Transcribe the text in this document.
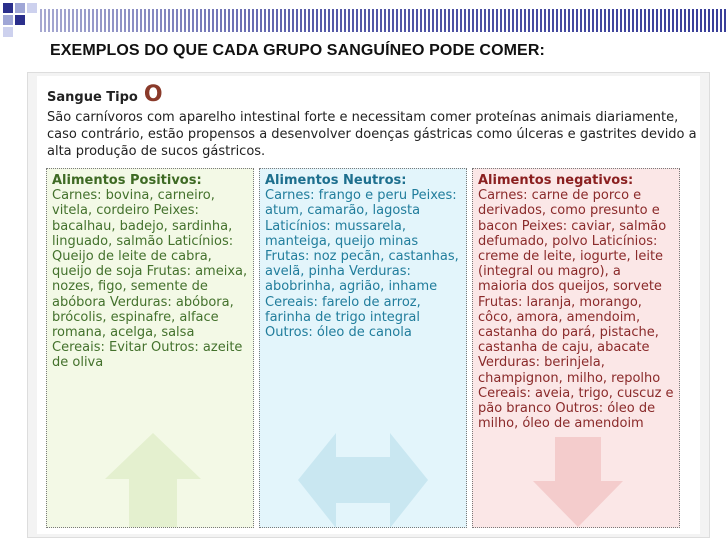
EXEMPLOS DO QUE CADA GRUPO SANGUÍNEO PODE COMER:
Sangue Tipo O
São carnívoros com aparelho intestinal forte e necessitam comer proteínas animais diariamente, caso contrário, estão propensos a desenvolver doenças gástricas como úlceras e gastrites devido a alta produção de sucos gástricos.
Alimentos Positivos:
Carnes: bovina, carneiro, vitela, cordeiro Peixes: bacalhau, badejo, sardinha, linguado, salmão Laticínios: Queijo de leite de cabra, queijo de soja Frutas: ameixa, nozes, figo, semente de abóbora Verduras: abóbora, brócolis, espinafre, alface romana, acelga, salsa Cereais: Evitar Outros: azeite de oliva
Alimentos Neutros:
Carnes: frango e peru Peixes: atum, camarão, lagosta Laticínios: mussarela, manteiga, queijo minas Frutas: noz pecãn, castanhas, avelã, pinha Verduras: abobrinha, agrião, inhame Cereais: farelo de arroz, farinha de trigo integral Outros: óleo de canola
Alimentos negativos:
Carnes: carne de porco e derivados, como presunto e bacon Peixes: caviar, salmão defumado, polvo Laticínios: creme de leite, iogurte, leite (integral ou magro), a maioria dos queijos, sorvete Frutas: laranja, morango, côco, amora, amendoim, castanha do pará, pistache, castanha de caju, abacate Verduras: berinjela, champignon, milho, repolho Cereais: aveia, trigo, cuscuz e pão branco Outros: óleo de milho, óleo de amendoim
